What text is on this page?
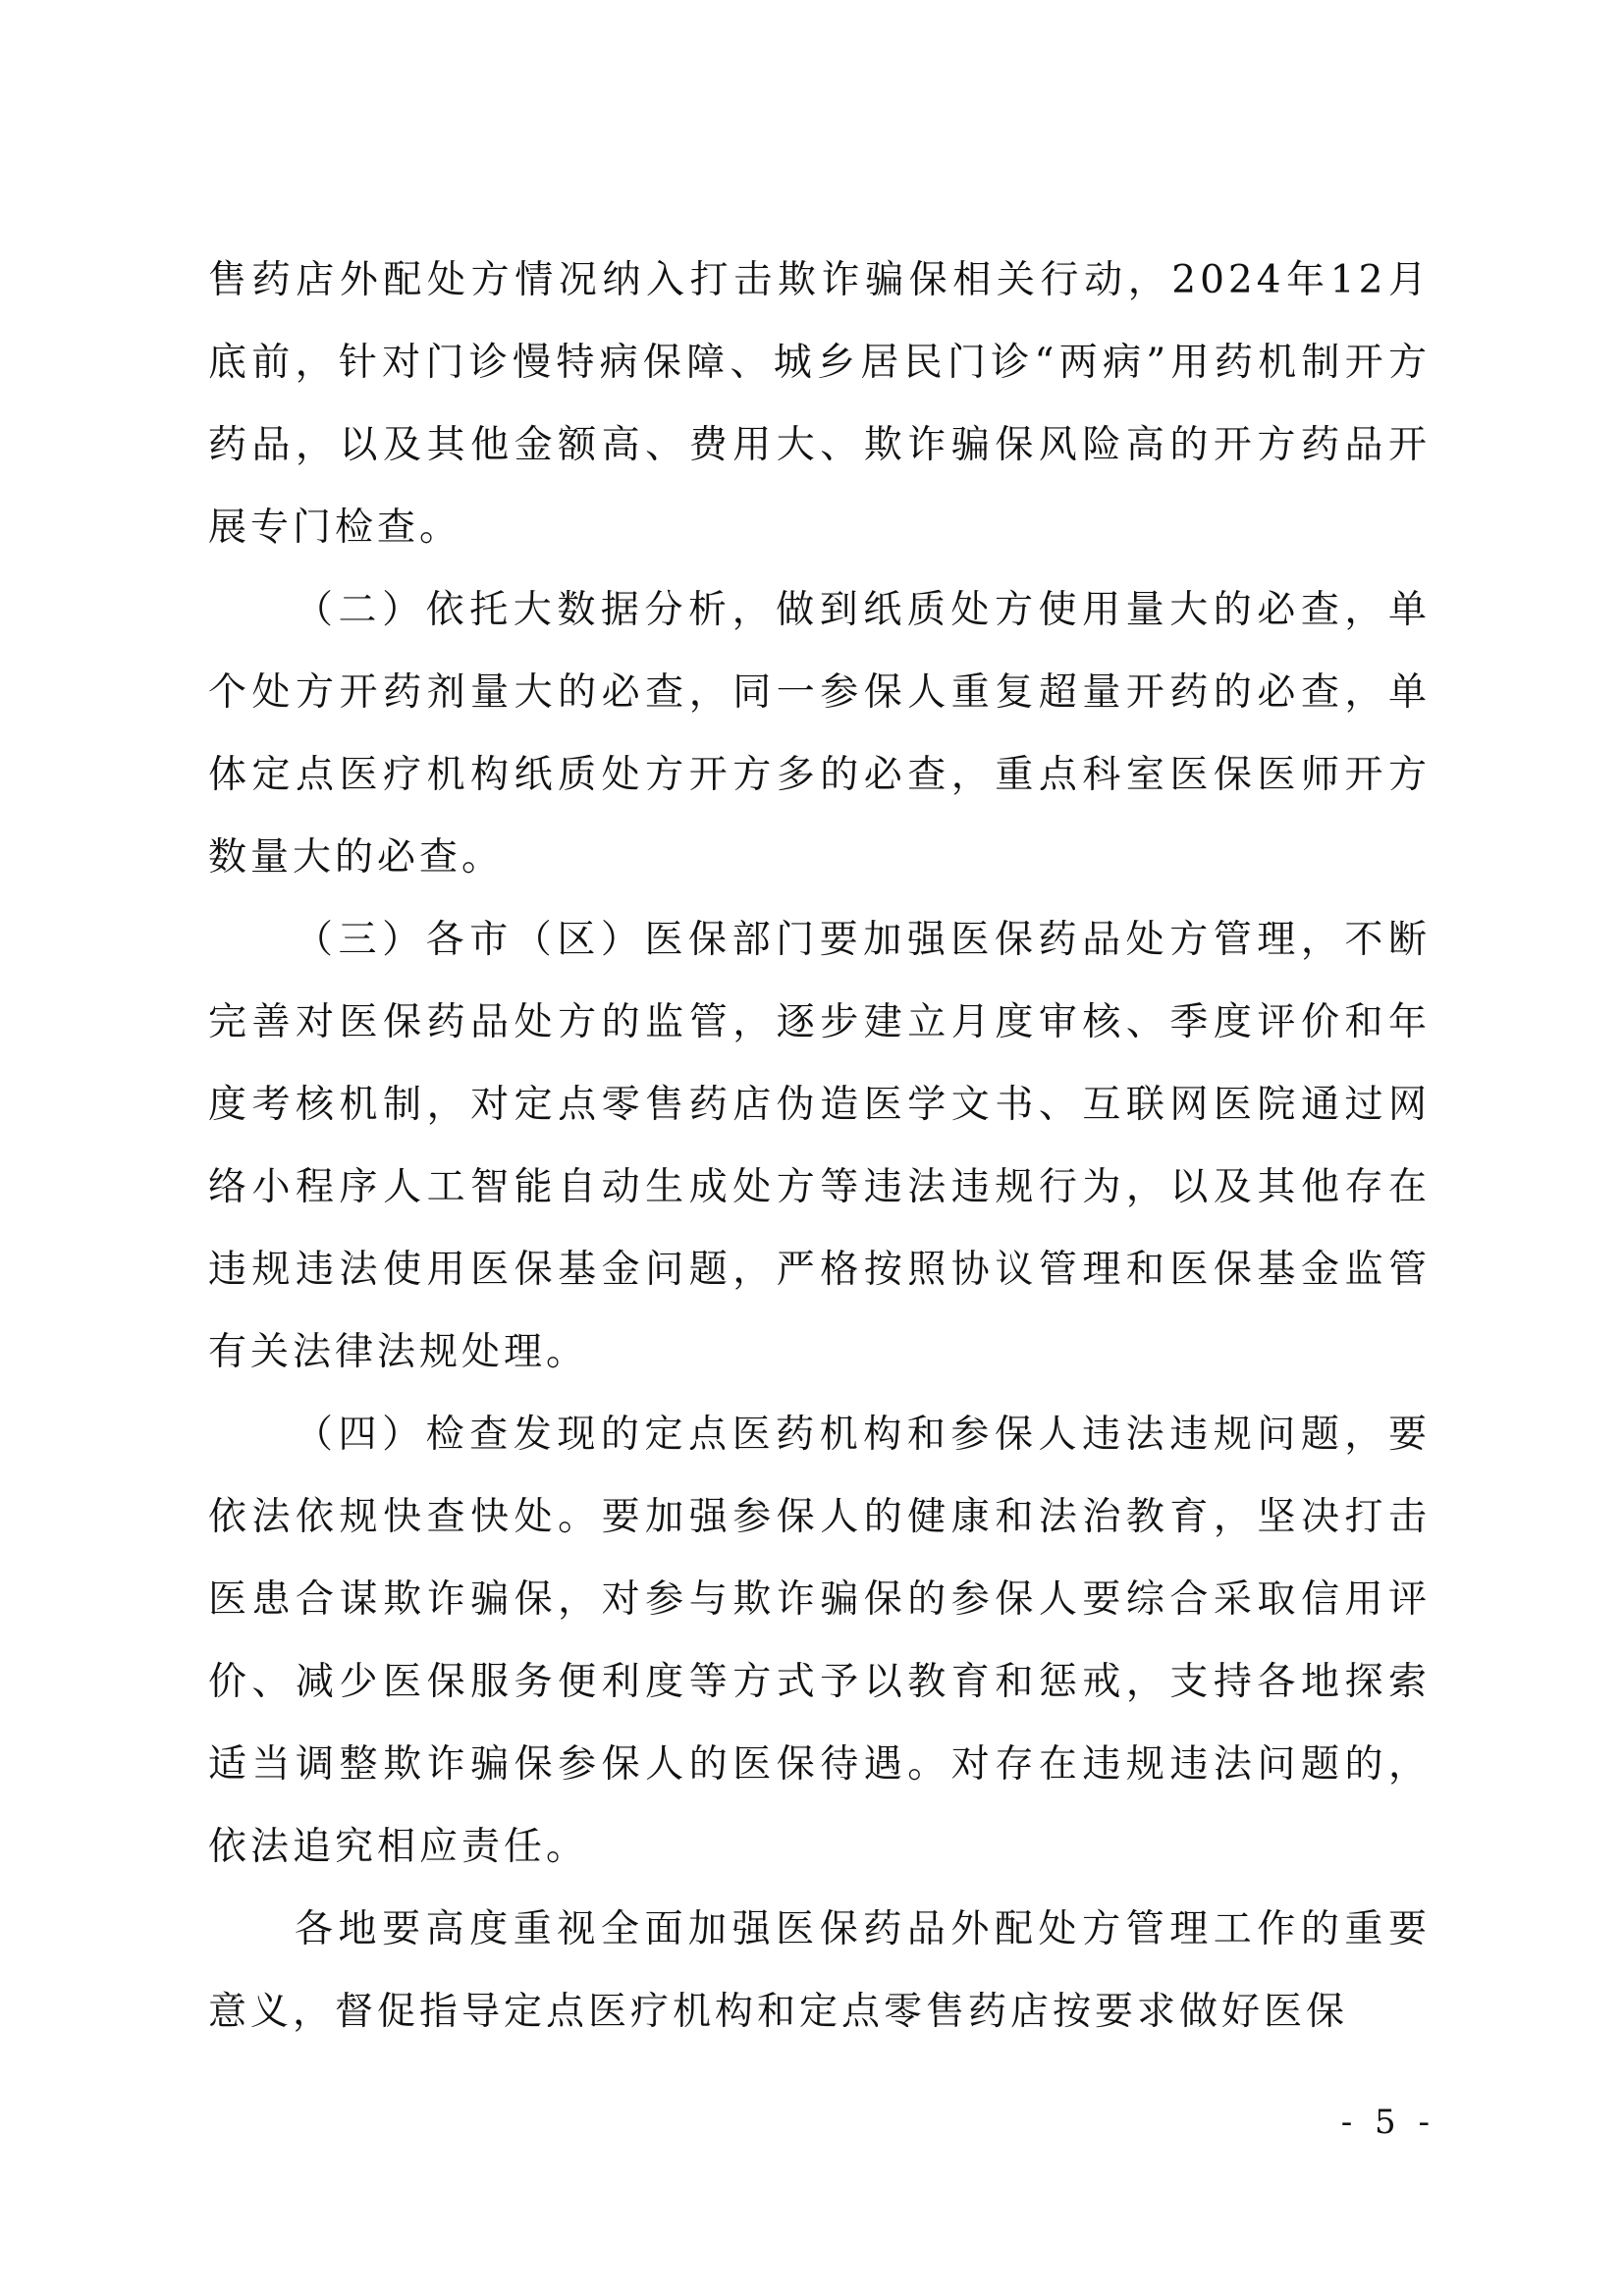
售药店外配处方情况纳入打击欺诈骗保相关行动，2024年12月底前，针对门诊慢特病保障、城乡居民门诊“两病”用药机制开方药品，以及其他金额高、费用大、欺诈骗保风险高的开方药品开展专门检查。

（二）依托大数据分析，做到纸质处方使用量大的必查，单个处方开药剂量大的必查，同一参保人重复超量开药的必查，单体定点医疗机构纸质处方开方多的必查，重点科室医保医师开方数量大的必查。

（三）各市（区）医保部门要加强医保药品处方管理，不断完善对医保药品处方的监管，逐步建立月度审核、季度评价和年度考核机制，对定点零售药店伪造医学文书、互联网医院通过网络小程序人工智能自动生成处方等违法违规行为，以及其他存在违规违法使用医保基金问题，严格按照协议管理和医保基金监管有关法律法规处理。

（四）检查发现的定点医药机构和参保人违法违规问题，要依法依规快查快处。要加强参保人的健康和法治教育，坚决打击医患合谋欺诈骗保，对参与欺诈骗保的参保人要综合采取信用评价、减少医保服务便利度等方式予以教育和惩戒，支持各地探索适当调整欺诈骗保参保人的医保待遇。对存在违规违法问题的，依法追究相应责任。

各地要高度重视全面加强医保药品外配处方管理工作的重要意义，督促指导定点医疗机构和定点零售药店按要求做好医保

- 5 -
